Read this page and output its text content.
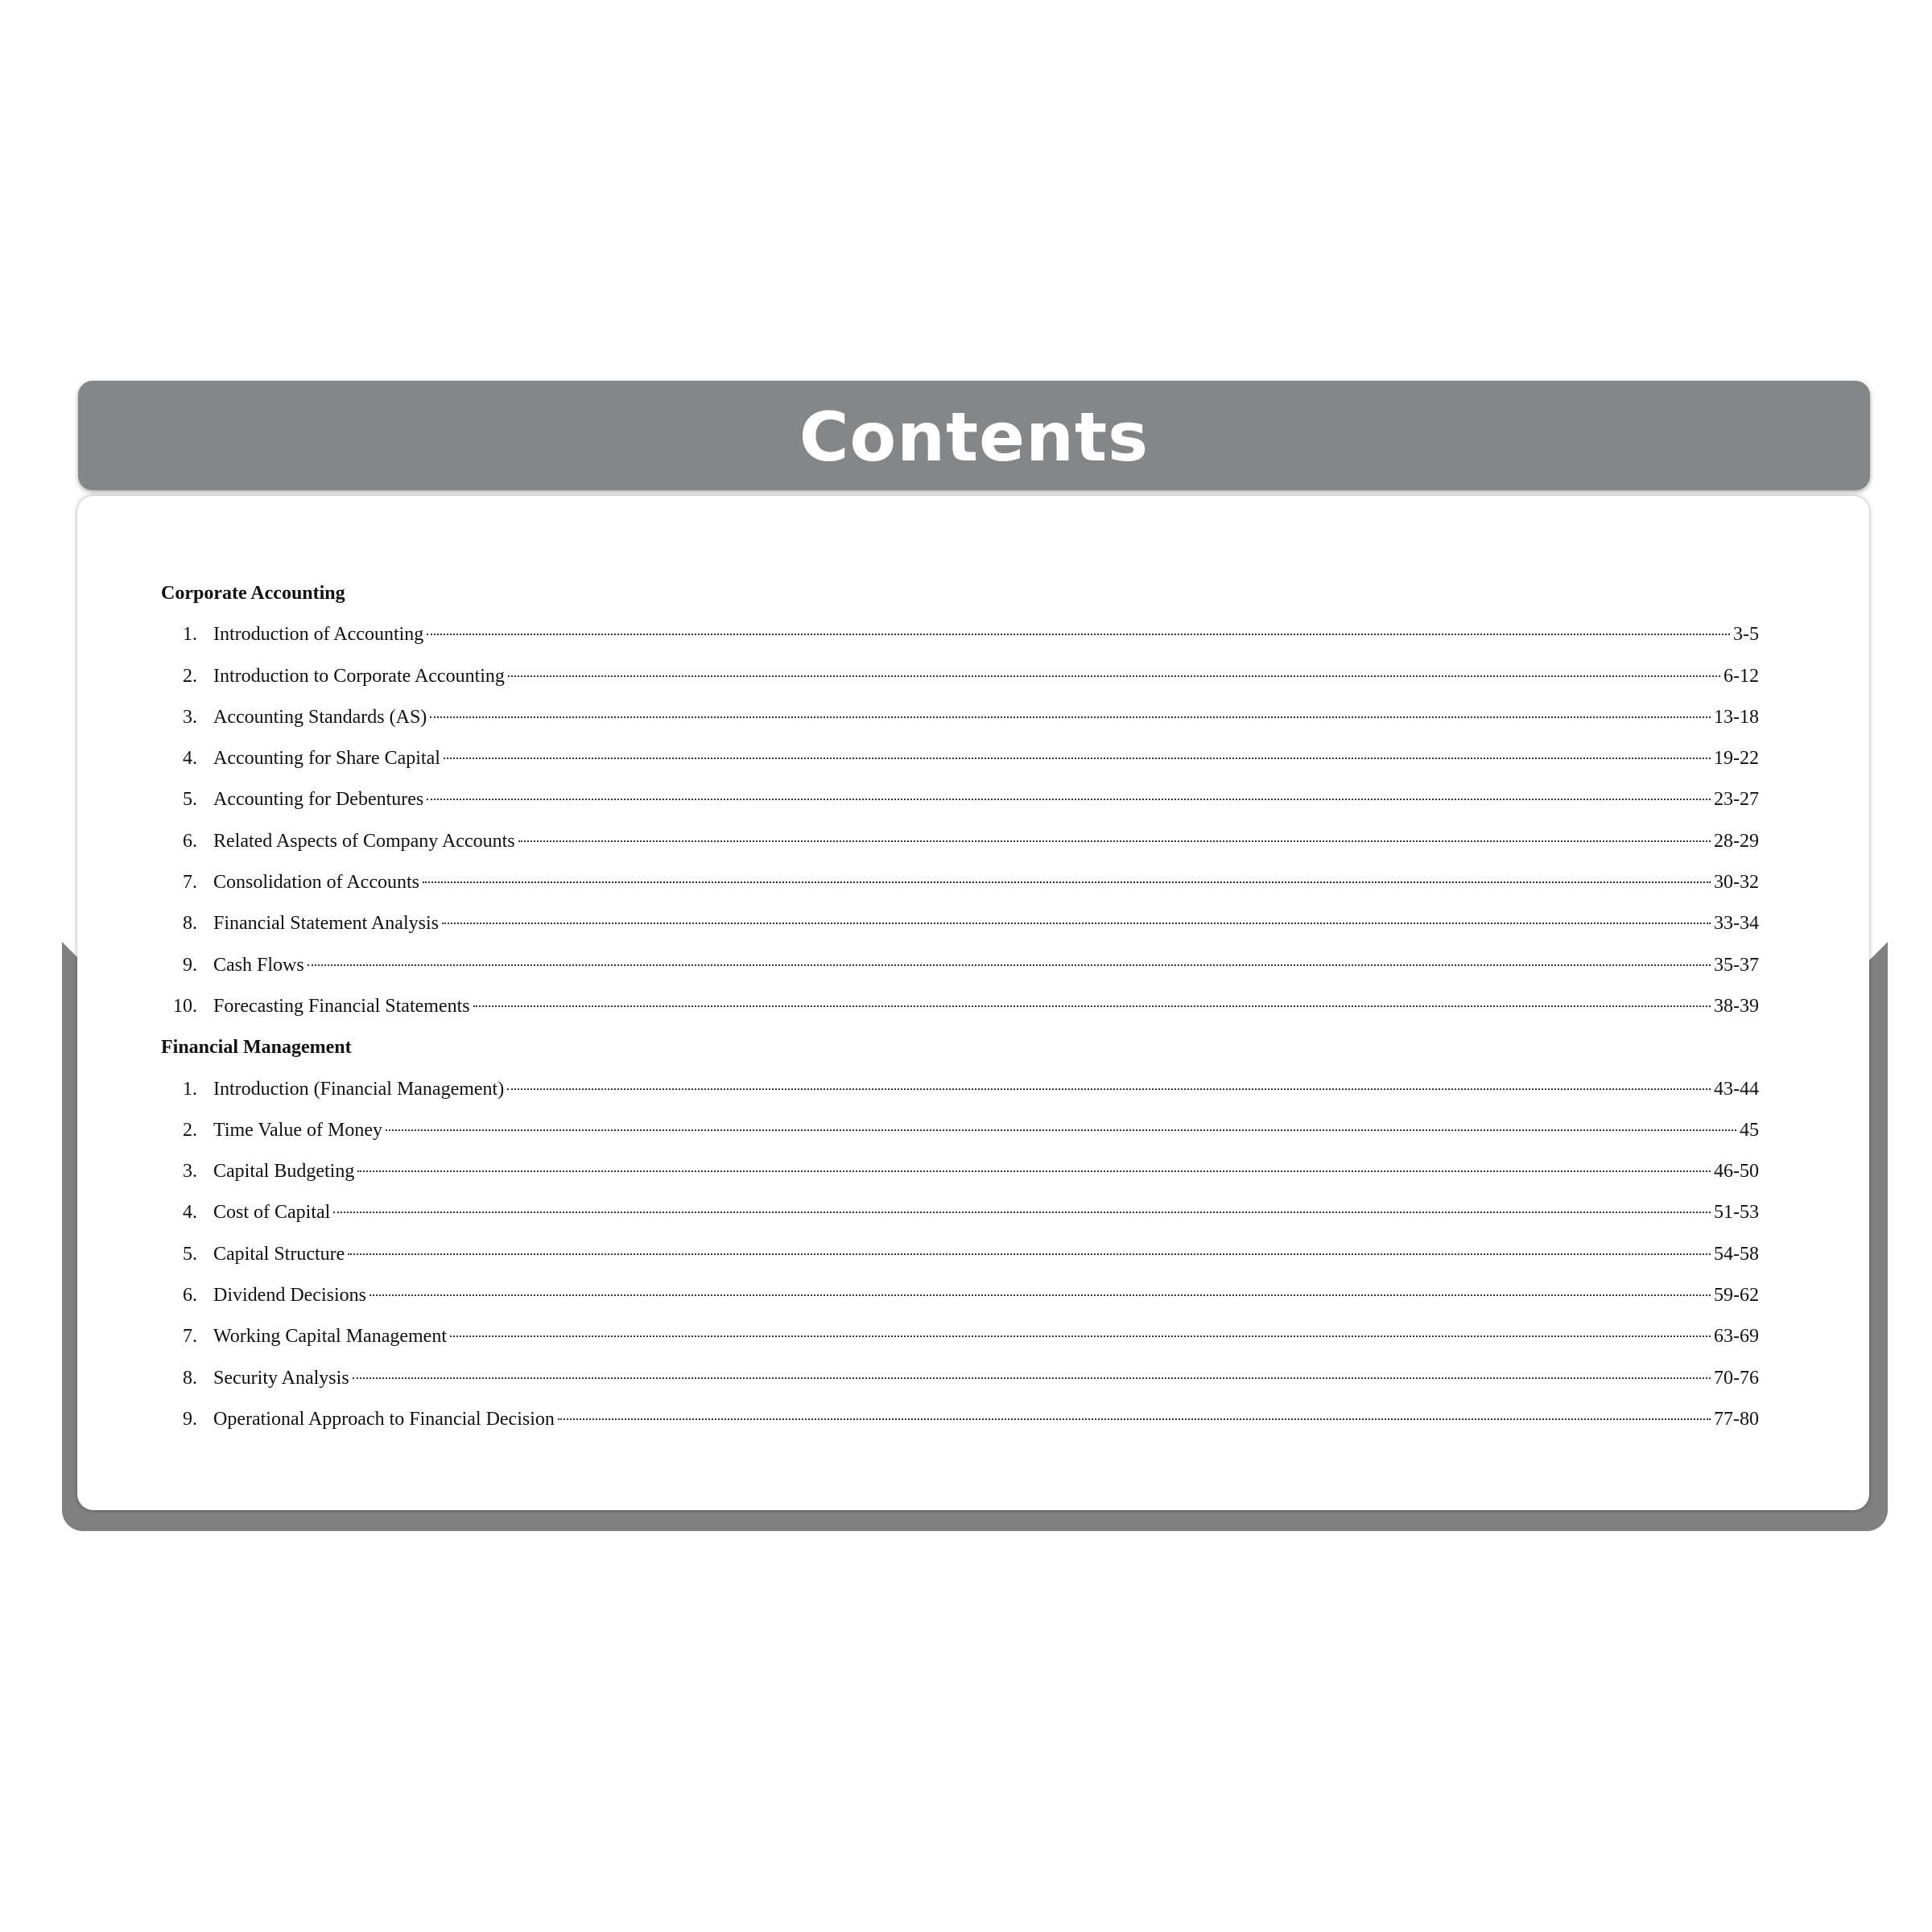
Contents
Corporate Accounting
1. Introduction of Accounting	3-5
2. Introduction to Corporate Accounting	6-12
3. Accounting Standards (AS)	13-18
4. Accounting for Share Capital	19-22
5. Accounting for Debentures	23-27
6. Related Aspects of Company Accounts	28-29
7. Consolidation of Accounts	30-32
8. Financial Statement Analysis	33-34
9. Cash Flows	35-37
10. Forecasting Financial Statements	38-39
Financial Management
1. Introduction (Financial Management)	43-44
2. Time Value of Money	45
3. Capital Budgeting	46-50
4. Cost of Capital	51-53
5. Capital Structure	54-58
6. Dividend Decisions	59-62
7. Working Capital Management	63-69
8. Security Analysis	70-76
9. Operational Approach to Financial Decision	77-80
